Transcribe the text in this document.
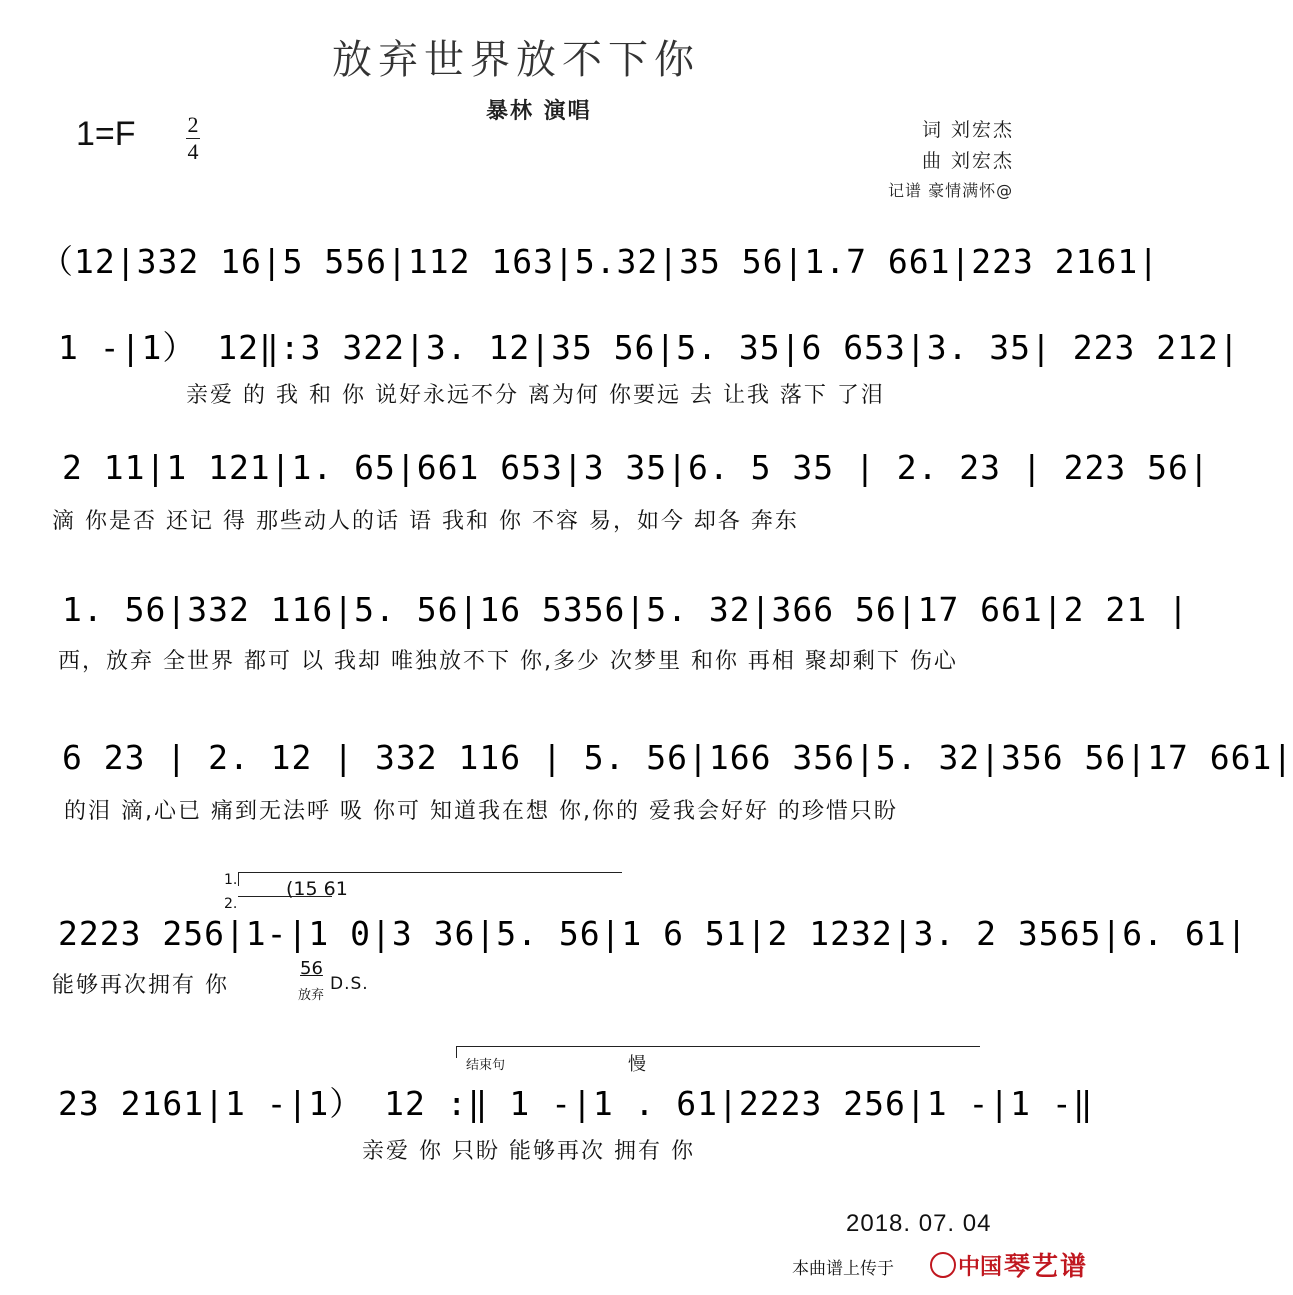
放弃世界放不下你
暴林 演唱
1=F 2
4
词 刘宏杰
曲 刘宏杰
记谱 豪情满怀@
（12|332 16|5 556|112 163|5.32|35 56|1.7 661|223 2161|
1 -|1） 12‖:3 322|3. 12|35 56|5. 35|6 653|3. 35| 223 212|
亲爱 的 我 和 你 说好永远不分 离为何 你要远 去 让我 落下 了泪
2 11|1 121|1. 65|661 653|3 35|6. 5 35 | 2. 23 | 223 56|
滴 你是否 还记 得 那些动人的话 语 我和 你 不容 易，如今 却各 奔东
1. 56|332 116|5. 56|16 5356|5. 32|366 56|17 661|2 21 |
西，放弃 全世界 都可 以 我却 唯独放不下 你,多少 次梦里 和你 再相 聚却剩下 伤心
6 23 | 2. 12 | 332 116 | 5. 56|166 356|5. 32|356 56|17 661|
的泪 滴,心已 痛到无法呼 吸 你可 知道我在想 你,你的 爱我会好好 的珍惜只盼
1.
2.
(15 61
2223 256|1-|1 0|3 36|5. 56|1 6 51|2 1232|3. 2 3565|6. 61|
能够再次拥有 你
56
放弃
D.S.
结束句	慢
23 2161|1 -|1） 12 :‖ 1 -|1 . 61|2223 256|1 -|1 -‖
亲爱 你 只盼 能够再次 拥有 你
2018. 07. 04
本曲谱上传于	中国 琴艺谱
